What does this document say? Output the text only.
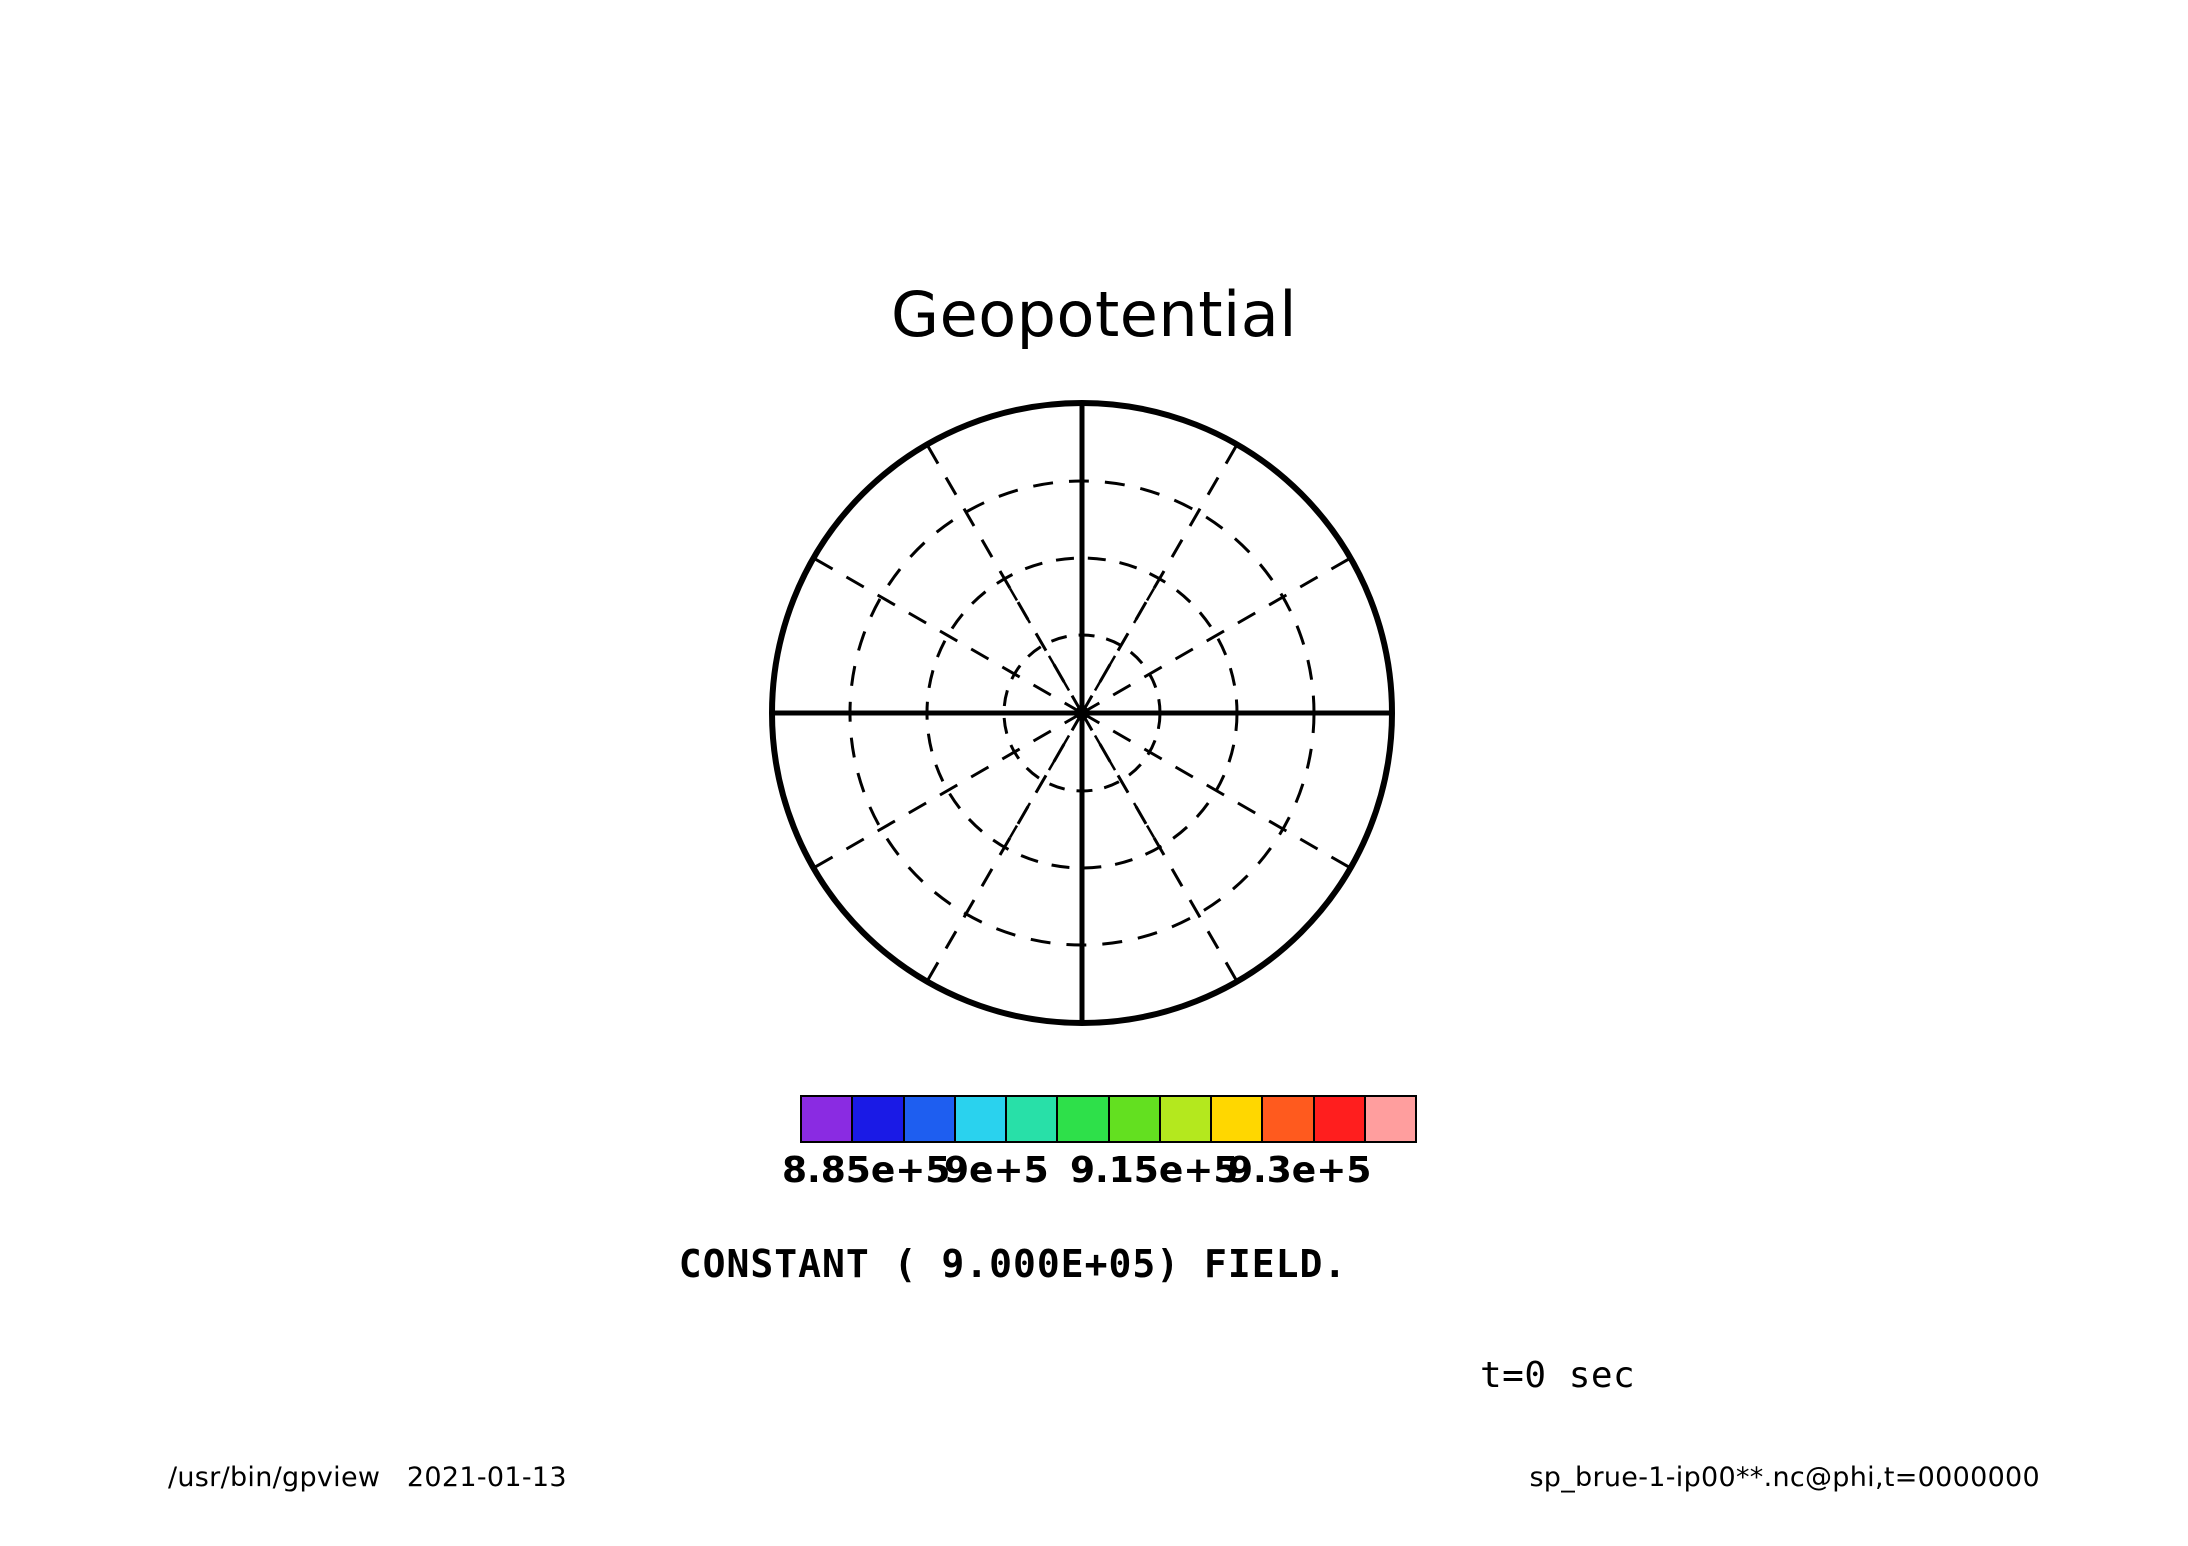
Geopotential
8.85e+5
9e+5 9.15e+5
9.3e+5
CONSTANT ( 9.000E+05) FIELD.
t=0 sec
/usr/bin/gpview   2021-01-13	sp_brue-1-ip00**.nc@phi,t=0000000
